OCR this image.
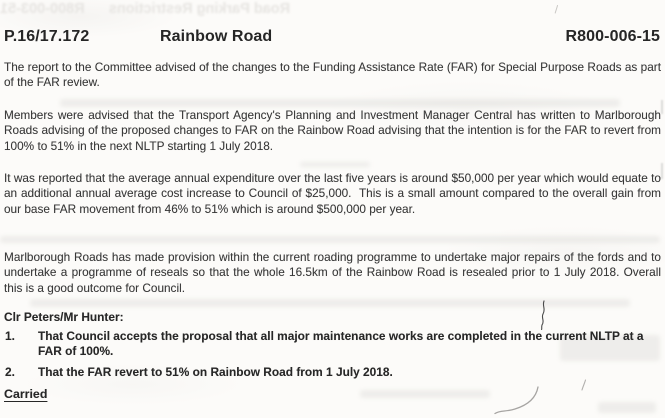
Road Parking Restrictions      R800-003-51
P.16/17.172	Rainbow Road	R800-006-15
The report to the Committee advised of the changes to the Funding Assistance Rate (FAR) for Special Purpose Roads as part of the FAR review.
Members were advised that the Transport Agency's Planning and Investment Manager Central has written to Marlborough Roads advising of the proposed changes to FAR on the Rainbow Road advising that the intention is for the FAR to revert from 100% to 51% in the next NLTP starting 1 July 2018.
It was reported that the average annual expenditure over the last five years is around $50,000 per year which would equate to an additional annual average cost increase to Council of $25,000.  This is a small amount compared to the overall gain from our base FAR movement from 46% to 51% which is around $500,000 per year.
Marlborough Roads has made provision within the current roading programme to undertake major repairs of the fords and to undertake a programme of reseals so that the whole 16.5km of the Rainbow Road is resealed prior to 1 July 2018. Overall this is a good outcome for Council.
Clr Peters/Mr Hunter:
1. That Council accepts the proposal that all major maintenance works are completed in the current NLTP at a FAR of 100%.
2. That the FAR revert to 51% on Rainbow Road from 1 July 2018.
Carried
